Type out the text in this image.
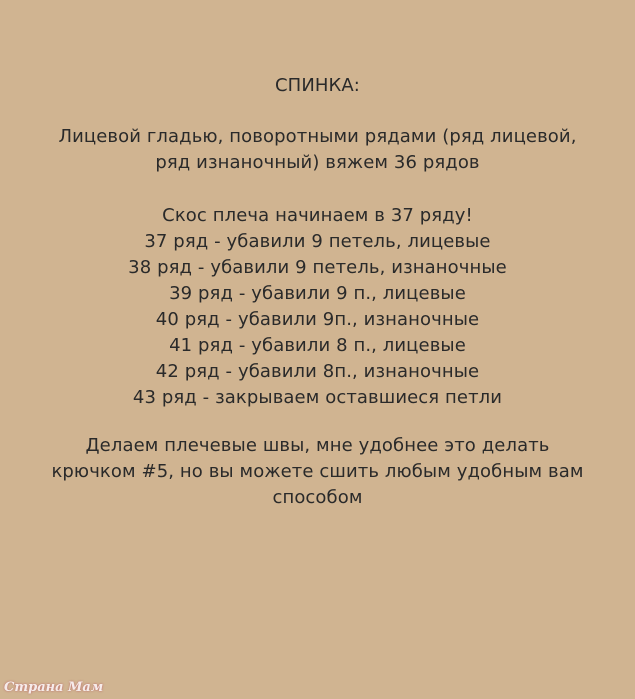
СПИНКА:
Лицевой гладью, поворотными рядами (ряд лицевой,
ряд изнаночный) вяжем 36 рядов
Скос плеча начинаем в 37 ряду!
37 ряд - убавили 9 петель, лицевые
38 ряд - убавили 9 петель, изнаночные
39 ряд - убавили 9 п., лицевые
40 ряд - убавили 9п., изнаночные
41 ряд - убавили 8 п., лицевые
42 ряд - убавили 8п., изнаночные
43 ряд - закрываем оставшиеся петли
Делаем плечевые швы, мне удобнее это делать
крючком #5, но вы можете сшить любым удобным вам
способом
Страна Мам
